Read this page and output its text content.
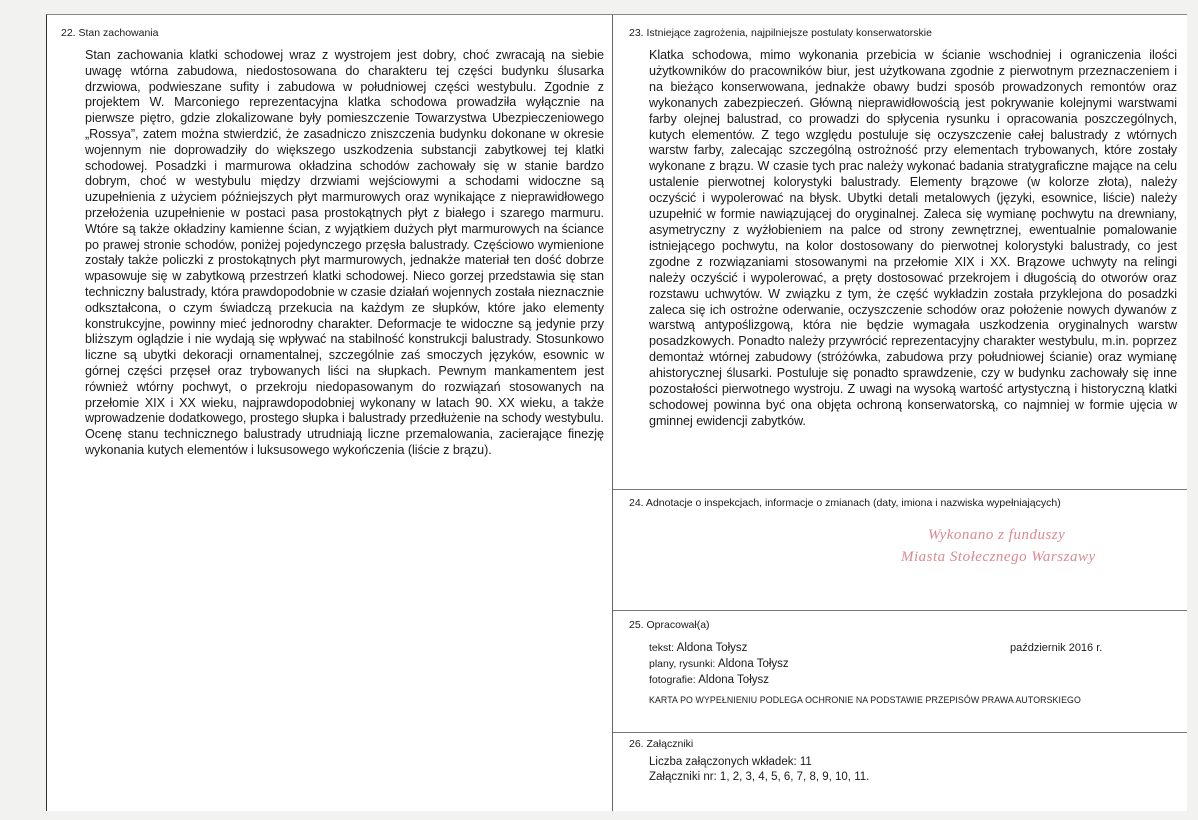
22. Stan zachowania
Stan zachowania klatki schodowej wraz z wystrojem jest dobry, choć zwracają na siebie uwagę wtórna zabudowa, niedostosowana do charakteru tej części budynku ślusarka drzwiowa, podwieszane sufity i zabudowa w południowej części westybulu. Zgodnie z projektem W. Marconiego reprezentacyjna klatka schodowa prowadziła wyłącznie na pierwsze piętro, gdzie zlokalizowane były pomieszczenie Towarzystwa Ubezpieczeniowego „Rossya”, zatem można stwierdzić, że zasadniczo zniszczenia budynku dokonane w okresie wojennym nie doprowadziły do większego uszkodzenia substancji zabytkowej tej klatki schodowej. Posadzki i marmurowa okładzina schodów zachowały się w stanie bardzo dobrym, choć w westybulu między drzwiami wejściowymi a schodami widoczne są uzupełnienia z użyciem późniejszych płyt marmurowych oraz wynikające z nieprawidłowego przełożenia uzupełnienie w postaci pasa prostokątnych płyt z białego i szarego marmuru. Wtóre są także okładziny kamienne ścian, z wyjątkiem dużych płyt marmurowych na ściance po prawej stronie schodów, poniżej pojedynczego przęsła balustrady. Częściowo wymienione zostały także policzki z prostokątnych płyt marmurowych, jednakże materiał ten dość dobrze wpasowuje się w zabytkową przestrzeń klatki schodowej. Nieco gorzej przedstawia się stan techniczny balustrady, która prawdopodobnie w czasie działań wojennych została nieznacznie odkształcona, o czym świadczą przekucia na każdym ze słupków, które jako elementy konstrukcyjne, powinny mieć jednorodny charakter. Deformacje te widoczne są jedynie przy bliższym oglądzie i nie wydają się wpływać na stabilność konstrukcji balustrady. Stosunkowo liczne są ubytki dekoracji ornamentalnej, szczególnie zaś smoczych języków, esownic w górnej części przęseł oraz trybowanych liści na słupkach. Pewnym mankamentem jest również wtórny pochwyt, o przekroju niedopasowanym do rozwiązań stosowanych na przełomie XIX i XX wieku, najprawdopodobniej wykonany w latach 90. XX wieku, a także wprowadzenie dodatkowego, prostego słupka i balustrady przedłużenie na schody westybulu. Ocenę stanu technicznego balustrady utrudniają liczne przemalowania, zacierające finezję wykonania kutych elementów i luksusowego wykończenia (liście z brązu).
23. Istniejące zagrożenia, najpilniejsze postulaty konserwatorskie
Klatka schodowa, mimo wykonania przebicia w ścianie wschodniej i ograniczenia ilości użytkowników do pracowników biur, jest użytkowana zgodnie z pierwotnym przeznaczeniem i na bieżąco konserwowana, jednakże obawy budzi sposób prowadzonych remontów oraz wykonanych zabezpieczeń. Główną nieprawidłowością jest pokrywanie kolejnymi warstwami farby olejnej balustrad, co prowadzi do spłycenia rysunku i opracowania poszczególnych, kutych elementów. Z tego względu postuluje się oczyszczenie całej balustrady z wtórnych warstw farby, zalecając szczególną ostrożność przy elementach trybowanych, które zostały wykonane z brązu. W czasie tych prac należy wykonać badania stratygraficzne mające na celu ustalenie pierwotnej kolorystyki balustrady. Elementy brązowe (w kolorze złota), należy oczyścić i wypolerować na błysk. Ubytki detali metalowych (języki, esownice, liście) należy uzupełnić w formie nawiązującej do oryginalnej. Zaleca się wymianę pochwytu na drewniany, asymetryczny z wyżłobieniem na palce od strony zewnętrznej, ewentualnie pomalowanie istniejącego pochwytu, na kolor dostosowany do pierwotnej kolorystyki balustrady, co jest zgodne z rozwiązaniami stosowanymi na przełomie XIX i XX. Brązowe uchwyty na relingi należy oczyścić i wypolerować, a pręty dostosować przekrojem i długością do otworów oraz rozstawu uchwytów. W związku z tym, że część wykładzin została przyklejona do posadzki zaleca się ich ostrożne oderwanie, oczyszczenie schodów oraz położenie nowych dywanów z warstwą antypoślizgową, która nie będzie wymagała uszkodzenia oryginalnych warstw posadzkowych. Ponadto należy przywrócić reprezentacyjny charakter westybulu, m.in. poprzez demontaż wtórnej zabudowy (stróżówka, zabudowa przy południowej ścianie) oraz wymianę ahistorycznej ślusarki. Postuluje się ponadto sprawdzenie, czy w budynku zachowały się inne pozostałości pierwotnego wystroju. Z uwagi na wysoką wartość artystyczną i historyczną klatki schodowej powinna być ona objęta ochroną konserwatorską, co najmniej w formie ujęcia w gminnej ewidencji zabytków.
24. Adnotacje o inspekcjach, informacje o zmianach (daty, imiona i nazwiska wypełniających)
Wykonano z funduszy
Miasta Stołecznego Warszawy
25. Opracował(a)
tekst: Aldona Tołysz	październik 2016 r.
plany, rysunki: Aldona Tołysz
fotografie: Aldona Tołysz
KARTA PO WYPEŁNIENIU PODLEGA OCHRONIE NA PODSTAWIE PRZEPISÓW PRAWA AUTORSKIEGO
26. Załączniki
Liczba załączonych wkładek: 11
Załączniki nr: 1, 2, 3, 4, 5, 6, 7, 8, 9, 10, 11.
